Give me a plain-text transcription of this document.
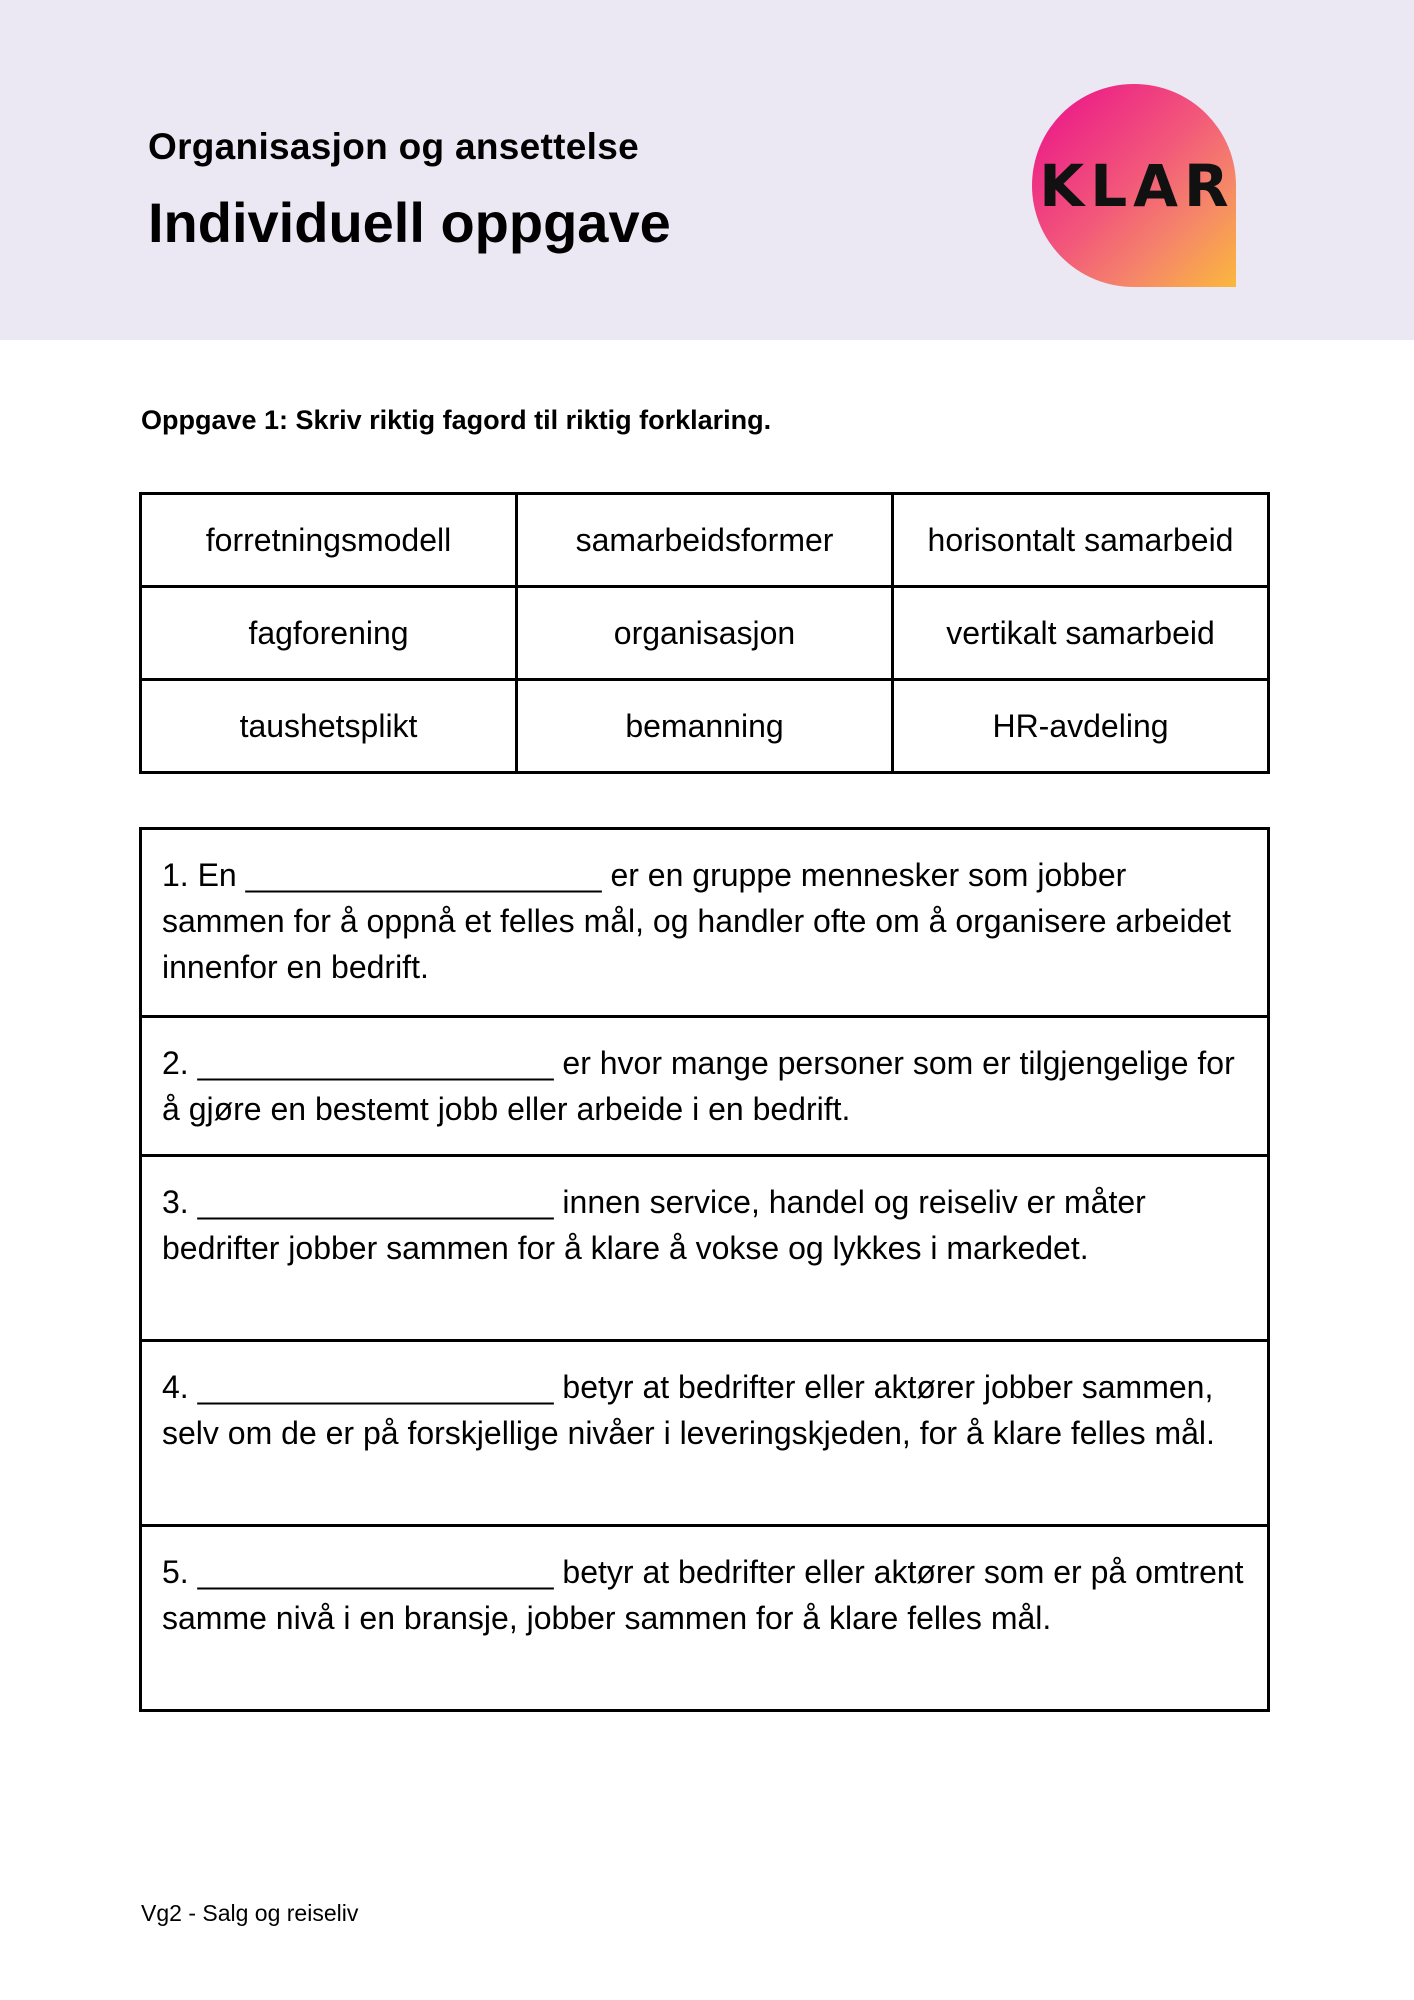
Organisasjon og ansettelse
Individuell oppgave
KLAR
Oppgave 1: Skriv riktig fagord til riktig forklaring.
forretningsmodell	samarbeidsformer	horisontalt samarbeid
fagforening	organisasjon	vertikalt samarbeid
taushetsplikt	bemanning	HR-avdeling
1. En ____________________ er en gruppe mennesker som jobber sammen for å oppnå et felles mål, og handler ofte om å organisere arbeidet innenfor en bedrift.
2. ____________________ er hvor mange personer som er tilgjengelige for å gjøre en bestemt jobb eller arbeide i en bedrift.
3. ____________________ innen service, handel og reiseliv er måter bedrifter jobber sammen for å klare å vokse og lykkes i markedet.
4. ____________________ betyr at bedrifter eller aktører jobber sammen, selv om de er på forskjellige nivåer i leveringskjeden, for å klare felles mål.
5. ____________________ betyr at bedrifter eller aktører som er på omtrent samme nivå i en bransje, jobber sammen for å klare felles mål.
Vg2 - Salg og reiseliv
